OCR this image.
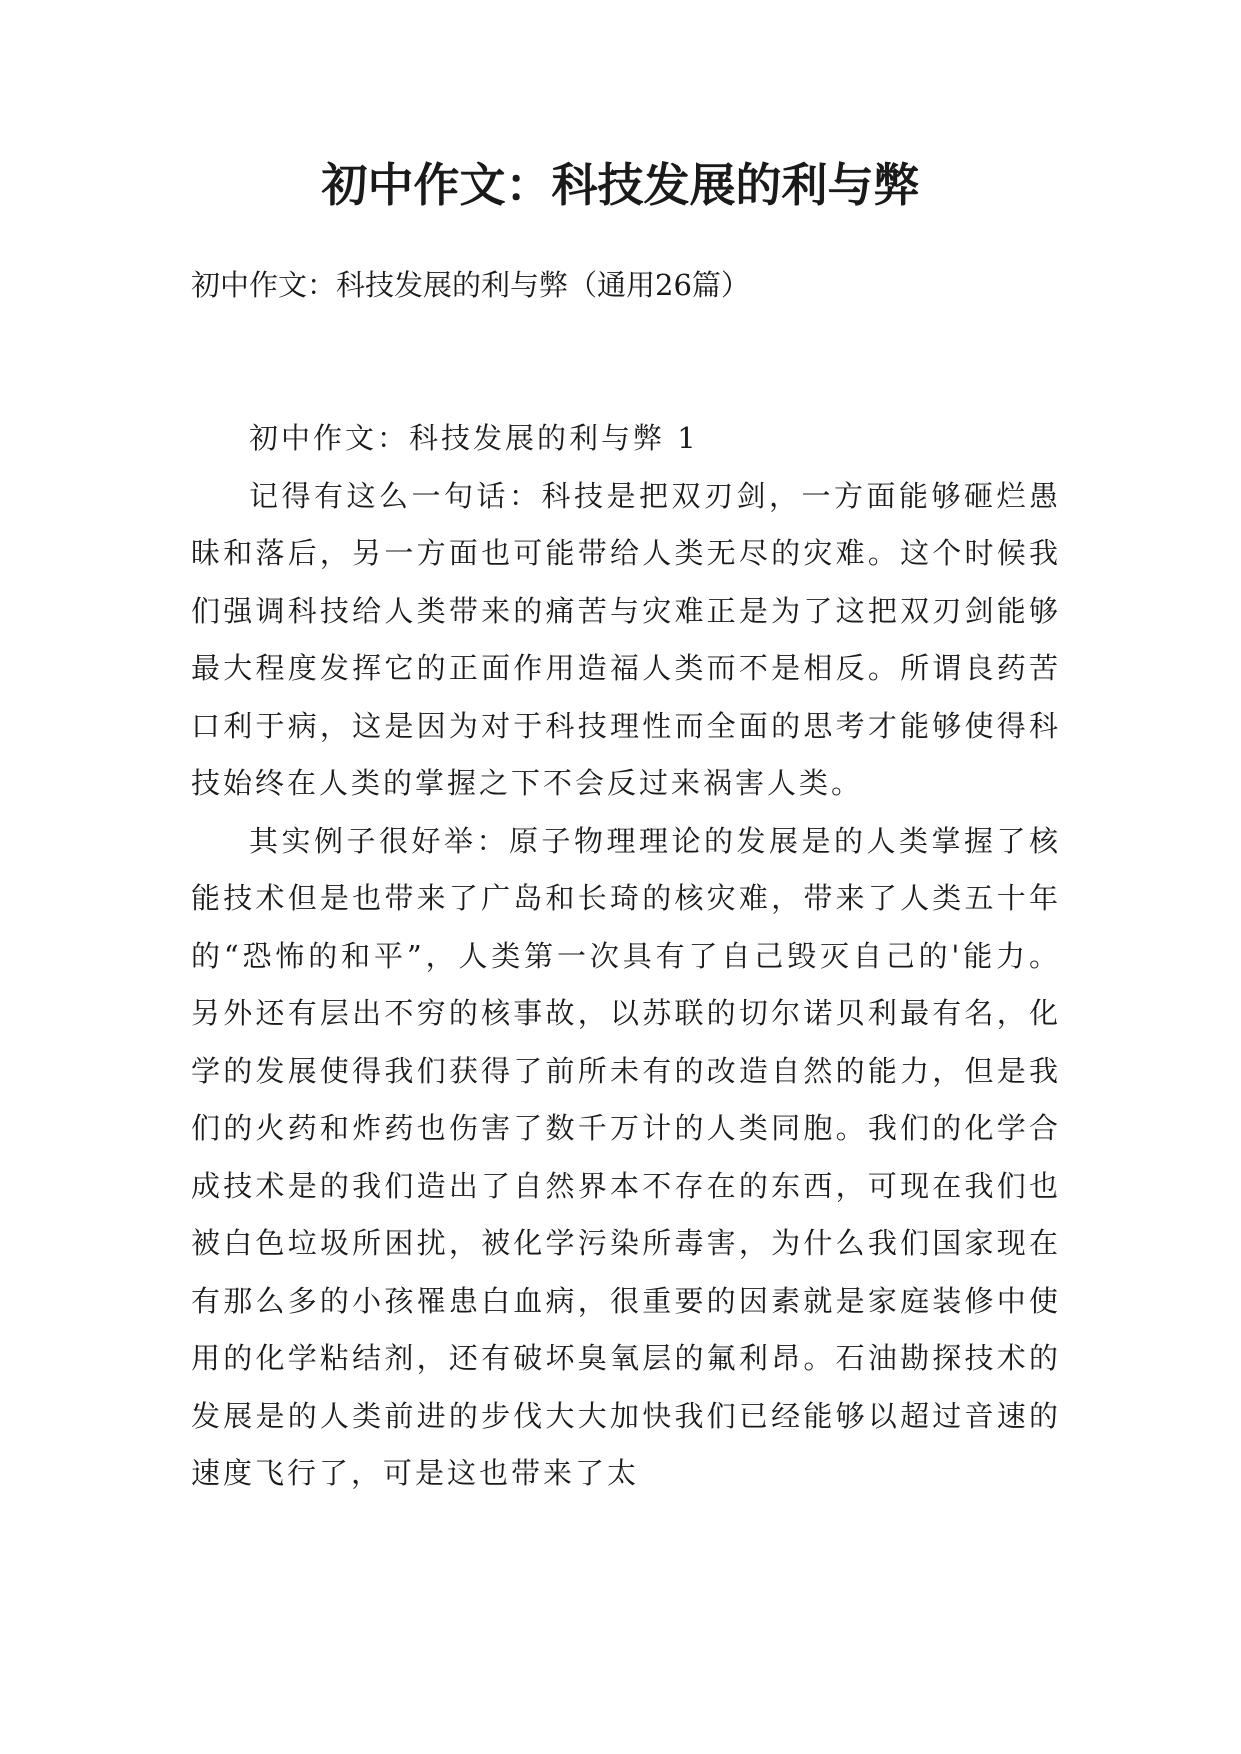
初中作文：科技发展的利与弊

初中作文：科技发展的利与弊（通用26篇）

初中作文：科技发展的利与弊 1

记得有这么一句话：科技是把双刃剑，一方面能够砸烂愚昧和落后，另一方面也可能带给人类无尽的灾难。这个时候我们强调科技给人类带来的痛苦与灾难正是为了这把双刃剑能够最大程度发挥它的正面作用造福人类而不是相反。所谓良药苦口利于病，这是因为对于科技理性而全面的思考才能够使得科技始终在人类的掌握之下不会反过来祸害人类。

其实例子很好举：原子物理理论的发展是的人类掌握了核能技术但是也带来了广岛和长琦的核灾难，带来了人类五十年的“恐怖的和平”，人类第一次具有了自己毁灭自己的'能力。另外还有层出不穷的核事故，以苏联的切尔诺贝利最有名，化学的发展使得我们获得了前所未有的改造自然的能力，但是我们的火药和炸药也伤害了数千万计的人类同胞。我们的化学合成技术是的我们造出了自然界本不存在的东西，可现在我们也被白色垃圾所困扰，被化学污染所毒害，为什么我们国家现在有那么多的小孩罹患白血病，很重要的因素就是家庭装修中使用的化学粘结剂，还有破坏臭氧层的氟利昂。石油勘探技术的发展是的人类前进的步伐大大加快我们已经能够以超过音速的速度飞行了，可是这也带来了太
